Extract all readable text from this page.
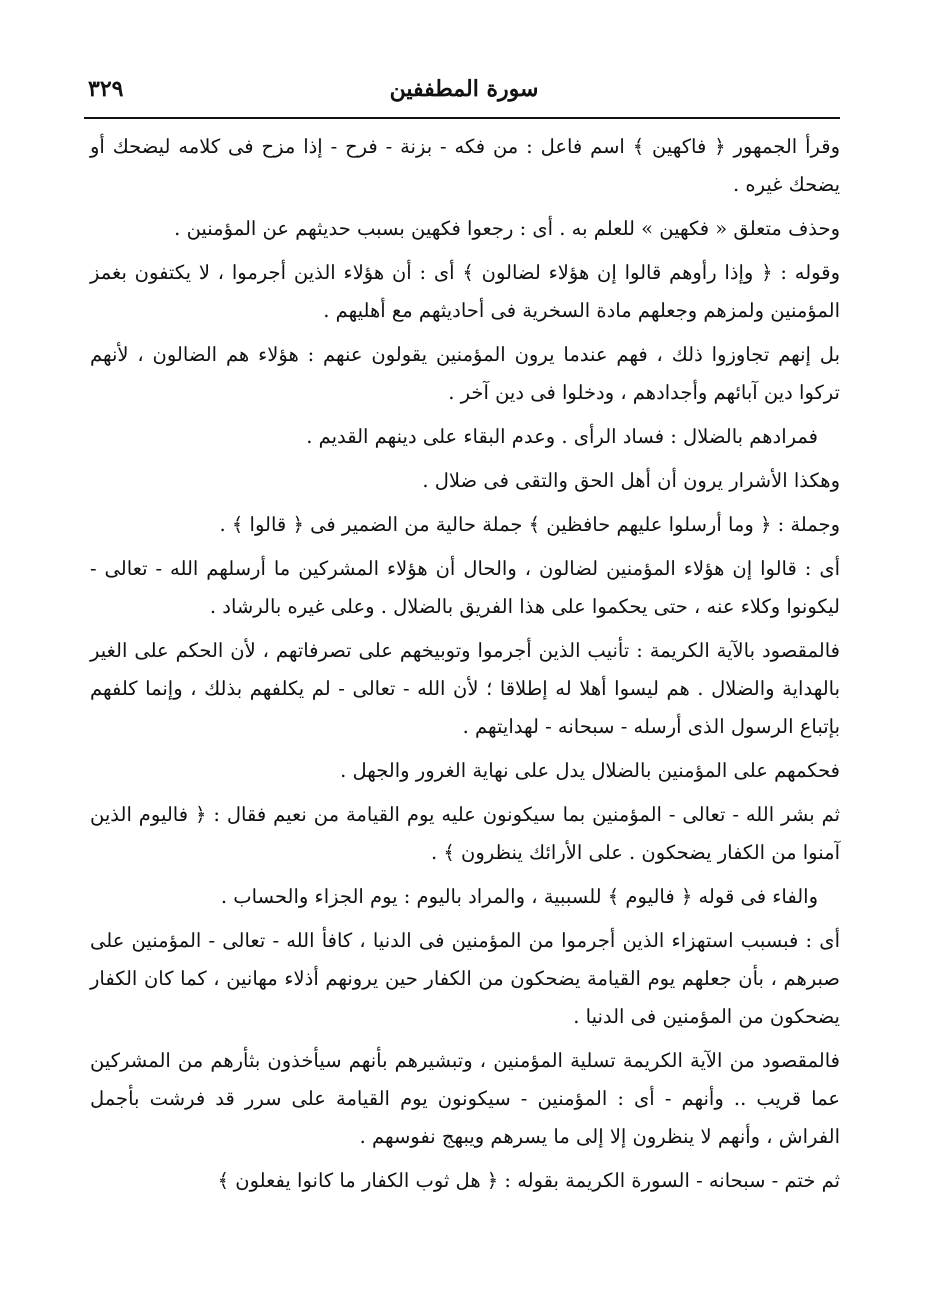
سورة المطففين
٣٢٩

وقرأ الجمهور ﴿ فاكهين ﴾ اسم فاعل : من فكه - بزنة - فرح - إذا مزح فى كلامه ليضحك أو يضحك غيره .

وحذف متعلق « فكهين » للعلم به . أى : رجعوا فكهين بسبب حديثهم عن المؤمنين .

وقوله : ﴿ وإذا رأوهم قالوا إن هؤلاء لضالون ﴾ أى : أن هؤلاء الذين أجرموا ، لا يكتفون بغمز المؤمنين ولمزهم وجعلهم مادة السخرية فى أحاديثهم مع أهليهم .

بل إنهم تجاوزوا ذلك ، فهم عندما يرون المؤمنين يقولون عنهم : هؤلاء هم الضالون ، لأنهم تركوا دين آبائهم وأجدادهم ، ودخلوا فى دين آخر .

فمرادهم بالضلال : فساد الرأى . وعدم البقاء على دينهم القديم .

وهكذا الأشرار يرون أن أهل الحق والتقى فى ضلال .

وجملة : ﴿ وما أرسلوا عليهم حافظين ﴾ جملة حالية من الضمير فى ﴿ قالوا ﴾ .

أى : قالوا إن هؤلاء المؤمنين لضالون ، والحال أن هؤلاء المشركين ما أرسلهم الله - تعالى - ليكونوا وكلاء عنه ، حتى يحكموا على هذا الفريق بالضلال . وعلى غيره بالرشاد .

فالمقصود بالآية الكريمة : تأنيب الذين أجرموا وتوبيخهم على تصرفاتهم ، لأن الحكم على الغير بالهداية والضلال . هم ليسوا أهلا له إطلاقا ؛ لأن الله - تعالى - لم يكلفهم بذلك ، وإنما كلفهم بإتباع الرسول الذى أرسله - سبحانه - لهدايتهم .

فحكمهم على المؤمنين بالضلال يدل على نهاية الغرور والجهل .

ثم بشر الله - تعالى - المؤمنين بما سيكونون عليه يوم القيامة من نعيم فقال : ﴿ فاليوم الذين آمنوا من الكفار يضحكون . على الأرائك ينظرون ﴾ .

والفاء فى قوله ﴿ فاليوم ﴾ للسببية ، والمراد باليوم : يوم الجزاء والحساب .

أى : فبسبب استهزاء الذين أجرموا من المؤمنين فى الدنيا ، كافأ الله - تعالى - المؤمنين على صبرهم ، بأن جعلهم يوم القيامة يضحكون من الكفار حين يرونهم أذلاء مهانين ، كما كان الكفار يضحكون من المؤمنين فى الدنيا .

فالمقصود من الآية الكريمة تسلية المؤمنين ، وتبشيرهم بأنهم سيأخذون بثأرهم من المشركين عما قريب .. وأنهم - أى : المؤمنين - سيكونون يوم القيامة على سرر قد فرشت بأجمل الفراش ، وأنهم لا ينظرون إلا إلى ما يسرهم ويبهج نفوسهم .

ثم ختم - سبحانه - السورة الكريمة بقوله : ﴿ هل ثوب الكفار ما كانوا يفعلون ﴾
